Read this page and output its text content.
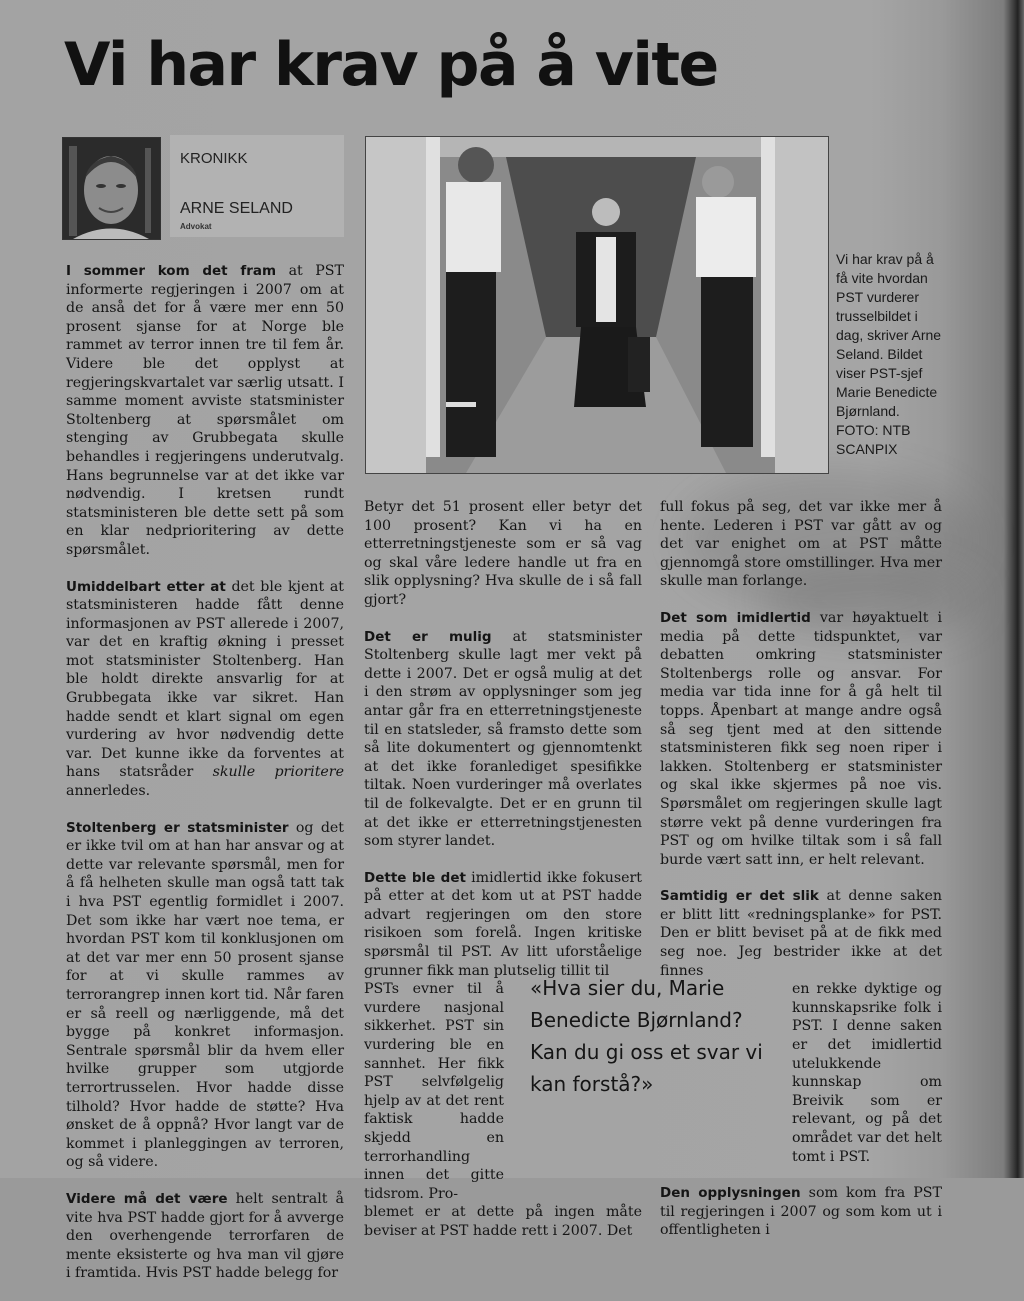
Vi har krav på å vite
KRONIKK
ARNE SELAND
Advokat
Vi har krav på å få vite hvordan PST vurderer trusselbildet i dag, skriver Arne Seland. Bildet viser PST-sjef Marie Benedicte Bjørnland. FOTO: NTB SCANPIX

I sommer kom det fram at PST informerte regjeringen i 2007 om at de anså det for å være mer enn 50 prosent sjanse for at Norge ble rammet av terror innen tre til fem år. Videre ble det opplyst at regjeringskvartalet var særlig utsatt. I samme moment avviste statsminister Stoltenberg at spørsmålet om stenging av Grubbegata skulle behandles i regjeringens underutvalg. Hans begrunnelse var at det ikke var nødvendig. I kretsen rundt statsministeren ble dette sett på som en klar nedprioritering av dette spørsmålet.

Umiddelbart etter at det ble kjent at statsministeren hadde fått denne informasjonen av PST allerede i 2007, var det en kraftig økning i presset mot statsminister Stoltenberg. Han ble holdt direkte ansvarlig for at Grubbegata ikke var sikret. Han hadde sendt et klart signal om egen vurdering av hvor nødvendig dette var. Det kunne ikke da forventes at hans statsråder skulle prioritere annerledes.

Stoltenberg er statsminister og det er ikke tvil om at han har ansvar og at dette var relevante spørsmål, men for å få helheten skulle man også tatt tak i hva PST egentlig formidlet i 2007. Det som ikke har vært noe tema, er hvordan PST kom til konklusjonen om at det var mer enn 50 prosent sjanse for at vi skulle rammes av terrorangrep innen kort tid. Når faren er så reell og nærliggende, må det bygge på konkret informasjon. Sentrale spørsmål blir da hvem eller hvilke grupper som utgjorde terrortrusselen. Hvor hadde disse tilhold? Hvor hadde de støtte? Hva ønsket de å oppnå? Hvor langt var de kommet i planleggingen av terroren, og så videre.

Videre må det være helt sentralt å vite hva PST hadde gjort for å avverge den overhengende terrorfaren de mente eksisterte og hva man vil gjøre i framtida. Hvis PST hadde belegg for

Betyr det 51 prosent eller betyr det 100 prosent? Kan vi ha en etterretningstjeneste som er så vag og skal våre ledere handle ut fra en slik opplysning? Hva skulle de i så fall gjort?

Det er mulig at statsminister Stoltenberg skulle lagt mer vekt på dette i 2007. Det er også mulig at det i den strøm av opplysninger som jeg antar går fra en etterretningstjeneste til en statsleder, så framsto dette som så lite dokumentert og gjennomtenkt at det ikke foranlediget spesifikke tiltak. Noen vurderinger må overlates til de folkevalgte. Det er en grunn til at det ikke er etterretningstjenesten som styrer landet.

Dette ble det imidlertid ikke fokusert på etter at det kom ut at PST hadde advart regjeringen om den store risikoen som forelå. Ingen kritiske spørsmål til PST. Av litt uforståelige grunner fikk man plutselig tillit til

PSTs evner til å vurdere nasjonal sikkerhet. PST sin vurdering ble en sannhet. Her fikk PST selvfølgelig hjelp av at det rent faktisk hadde skjedd en terrorhandling innen det gitte tidsrom. Pro-

blemet er at dette på ingen måte beviser at PST hadde rett i 2007. Det

full fokus på seg, det var ikke mer å hente. Lederen i PST var gått av og det var enighet om at PST måtte gjennomgå store omstillinger. Hva mer skulle man forlange.

Det som imidlertid var høyaktuelt i media på dette tidspunktet, var debatten omkring statsminister Stoltenbergs rolle og ansvar. For media var tida inne for å gå helt til topps. Åpenbart at mange andre også så seg tjent med at den sittende statsministeren fikk seg noen riper i lakken. Stoltenberg er statsminister og skal ikke skjermes på noe vis. Spørsmålet om regjeringen skulle lagt større vekt på denne vurderingen fra PST og om hvilke tiltak som i så fall burde vært satt inn, er helt relevant.

Samtidig er det slik at denne saken er blitt litt «redningsplanke» for PST. Den er blitt beviset på at de fikk med seg noe. Jeg bestrider ikke at det finnes

en rekke dyktige og kunnskapsrike folk i PST. I denne saken er det imidlertid utelukkende kunnskap om Breivik som er relevant, og på det området var det helt tomt i PST.

Den opplysningen som kom fra PST til regjeringen i 2007 og som kom ut i offentligheten i

«Hva sier du, Marie Benedicte Bjørnland? Kan du gi oss et svar vi kan forstå?»
